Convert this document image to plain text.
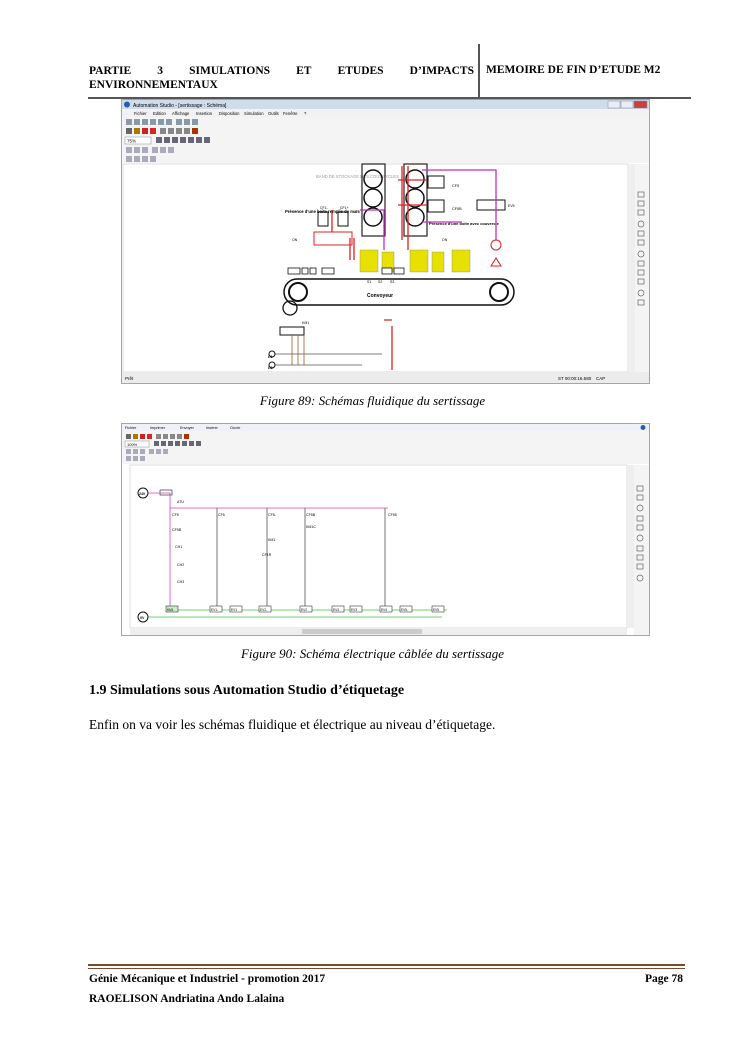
PARTIE 3 SIMULATIONS ET ETUDES D’IMPACTS
ENVIRONNEMENTAUX
MEMOIRE DE FIN D’ETUDE M2
Automation Studio - [sertissage : Schéma]
Fichier Edition Affichage Insertion Disposition Simulation Outils Fenêtre ?
75%
Prêt	ST 00:00:16.580 CAP
BAND DE STOCKAGE DES COUVERCLES
CF1-	CF1+
Présence d'une boite remplie de maïs
ON
CF5
CF5B
Présence d'une boite avec couvercle
ON
EV5
S1 S2 S3
Convoyeur
KM1
L1
L2
Figure 89: Schémas fluidique du sertissage
Fichier	Imprimer	Envoyer	Insérer	Ouvrir
100%
24V
ATU
CF5
CF5B
CH1
CH2
CH3
CF5	CF5-	CF5B
KM1C
CF55
KM1
CF1R
KM1	EV1-	EV1	EV2-	EV2	EV3-	EV3	EV4	EV5-	EV5
0V
Figure 90: Schéma électrique câblée du sertissage
1.9 Simulations sous Automation Studio d’étiquetage
Enfin on va voir les schémas fluidique et électrique au niveau d’étiquetage.
Génie Mécanique et Industriel - promotion 2017	Page 78
RAOELISON Andriatina Ando Lalaina
